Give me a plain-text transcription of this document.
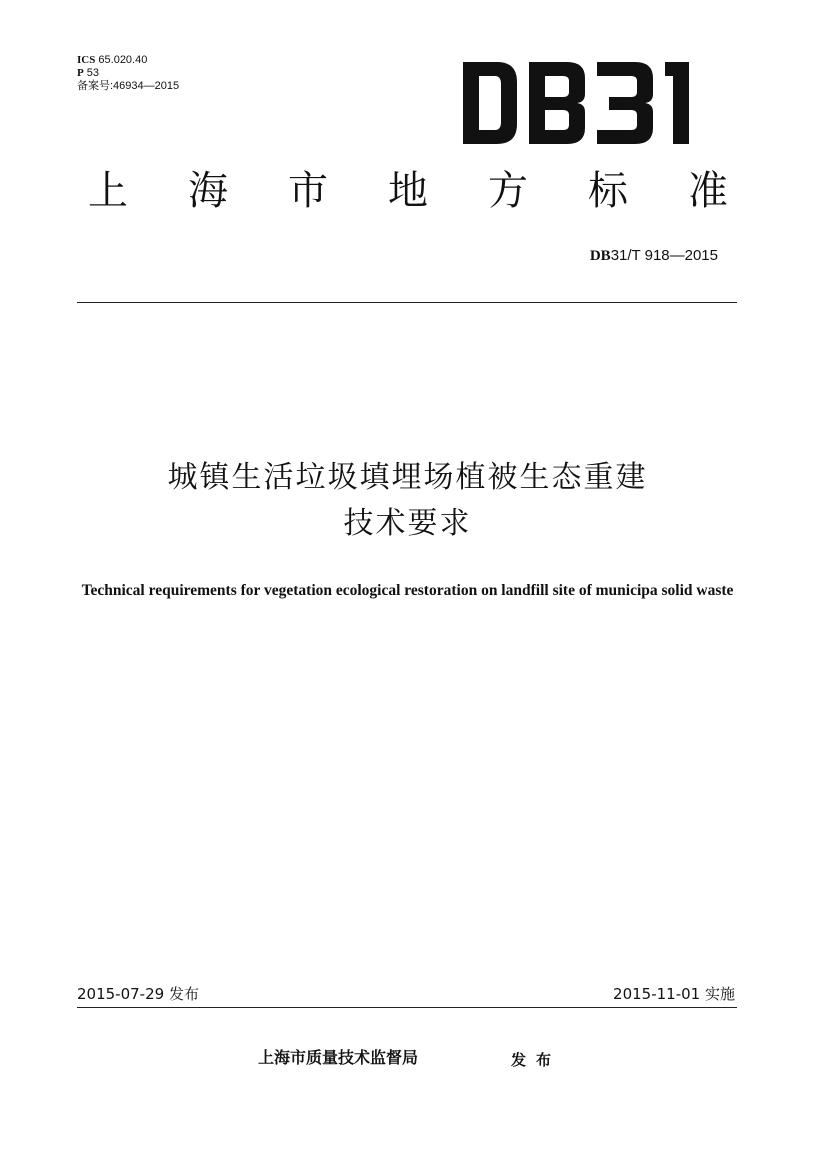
ICS 65.020.40
P 53
备案号:46934—2015
上 海 市 地 方 标 准
DB31/T 918—2015
城镇生活垃圾填埋场植被生态重建
技术要求
Technical requirements for vegetation ecological restoration on landfill site of municipa solid waste
2015-07-29 发布	2015-11-01 实施
上海市质量技术监督局	发布
